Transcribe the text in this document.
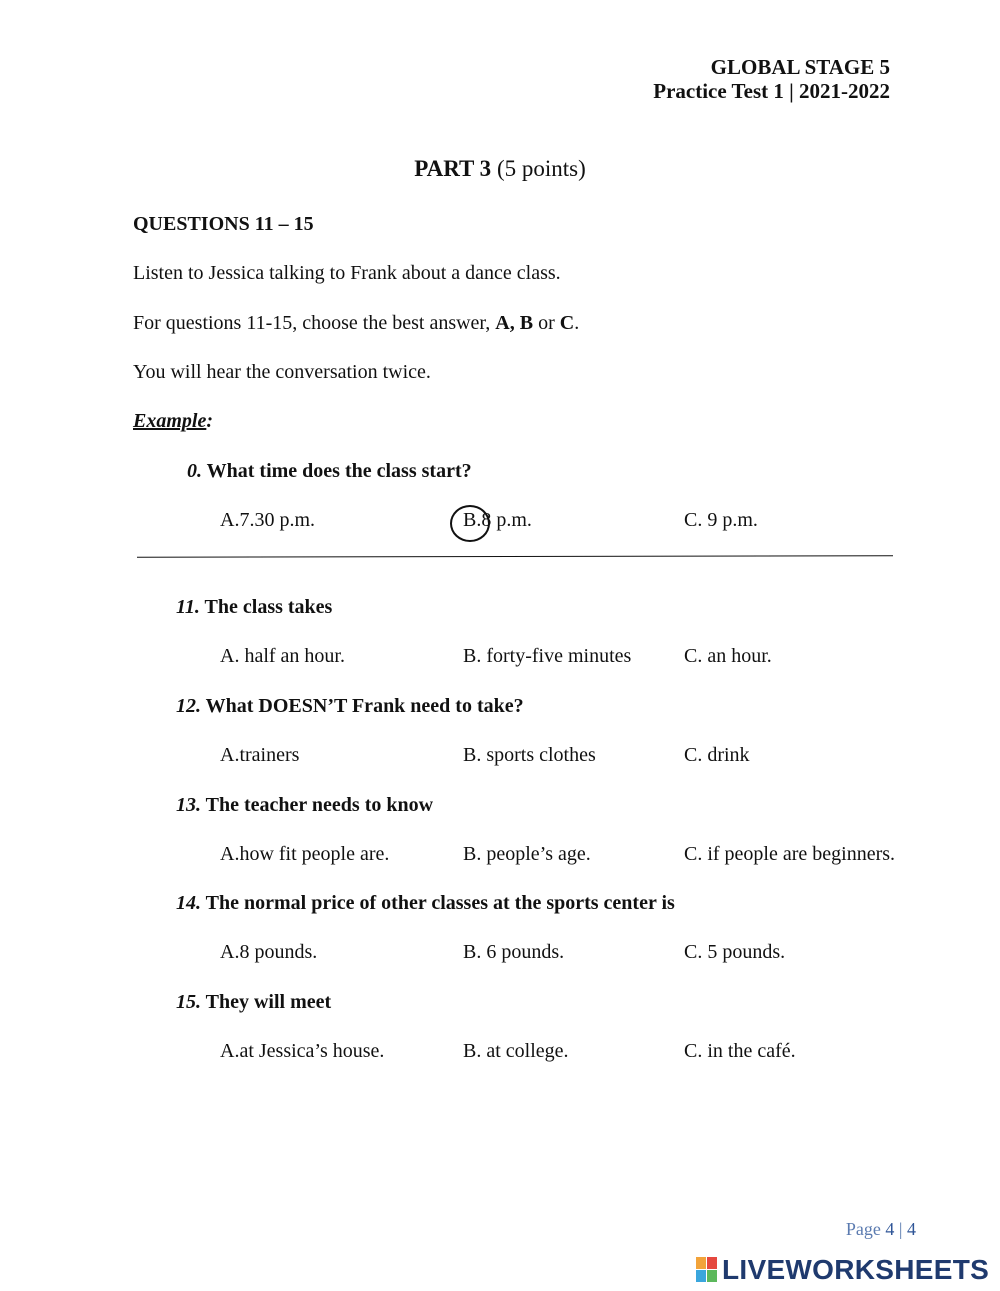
GLOBAL STAGE 5
Practice Test 1 | 2021-2022
PART 3 (5 points)
QUESTIONS 11 – 15
Listen to Jessica talking to Frank about a dance class.
For questions 11-15, choose the best answer, A, B or C.
You will hear the conversation twice.
Example:
0. What time does the class start?
A.7.30 p.m.	B.8 p.m.	C. 9 p.m.
11. The class takes
A. half an hour.	B. forty-five minutes	C. an hour.
12. What DOESN’T Frank need to take?
A.trainers	B. sports clothes	C. drink
13. The teacher needs to know
A.how fit people are.	B. people’s age.	C. if people are beginners.
14. The normal price of other classes at the sports center is
A.8 pounds.	B. 6 pounds.	C. 5 pounds.
15. They will meet
A.at Jessica’s house.	B. at college.	C. in the café.
Page 4 | 4
LIVEWORKSHEETS
